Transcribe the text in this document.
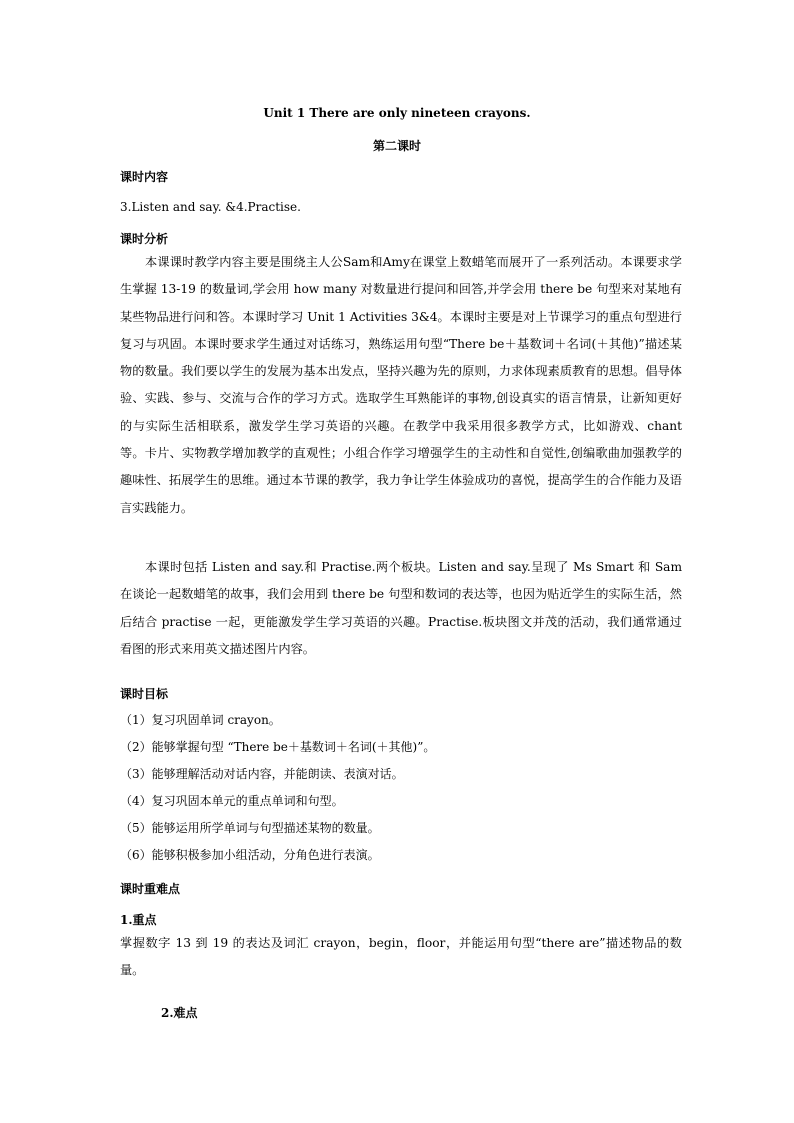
Unit 1 There are only nineteen crayons.
第二课时
课时内容
3.Listen and say. &4.Practise.
课时分析
本课课时教学内容主要是围绕主人公Sam和Amy在课堂上数蜡笔而展开了一系列活动。本课要求学生掌握 13-19 的数量词,学会用 how many 对数量进行提问和回答,并学会用 there be 句型来对某地有某些物品进行问和答。本课时学习 Unit 1 Activities 3&4。本课时主要是对上节课学习的重点句型进行复习与巩固。本课时要求学生通过对话练习，熟练运用句型“There be＋基数词＋名词(＋其他)”描述某物的数量。我们要以学生的发展为基本出发点，坚持兴趣为先的原则，力求体现素质教育的思想。倡导体验、实践、参与、交流与合作的学习方式。选取学生耳熟能详的事物,创设真实的语言情景，让新知更好的与实际生活相联系，激发学生学习英语的兴趣。在教学中我采用很多教学方式，比如游戏、chant 等。卡片、实物教学增加教学的直观性；小组合作学习增强学生的主动性和自觉性,创编歌曲加强教学的趣味性、拓展学生的思维。通过本节课的教学，我力争让学生体验成功的喜悦，提高学生的合作能力及语言实践能力。
本课时包括 Listen and say.和 Practise.两个板块。Listen and say.呈现了 Ms Smart 和 Sam 在谈论一起数蜡笔的故事，我们会用到 there be 句型和数词的表达等，也因为贴近学生的实际生活，然后结合 practise 一起，更能激发学生学习英语的兴趣。Practise.板块图文并茂的活动，我们通常通过看图的形式来用英文描述图片内容。
课时目标
（1）复习巩固单词 crayon。
（2）能够掌握句型 “There be＋基数词＋名词(＋其他)”。
（3）能够理解活动对话内容，并能朗读、表演对话。
（4）复习巩固本单元的重点单词和句型。
（5）能够运用所学单词与句型描述某物的数量。
（6）能够积极参加小组活动，分角色进行表演。
课时重难点
1.重点
掌握数字 13 到 19 的表达及词汇 crayon，begin，floor，并能运用句型“there are”描述物品的数量。
2.难点
